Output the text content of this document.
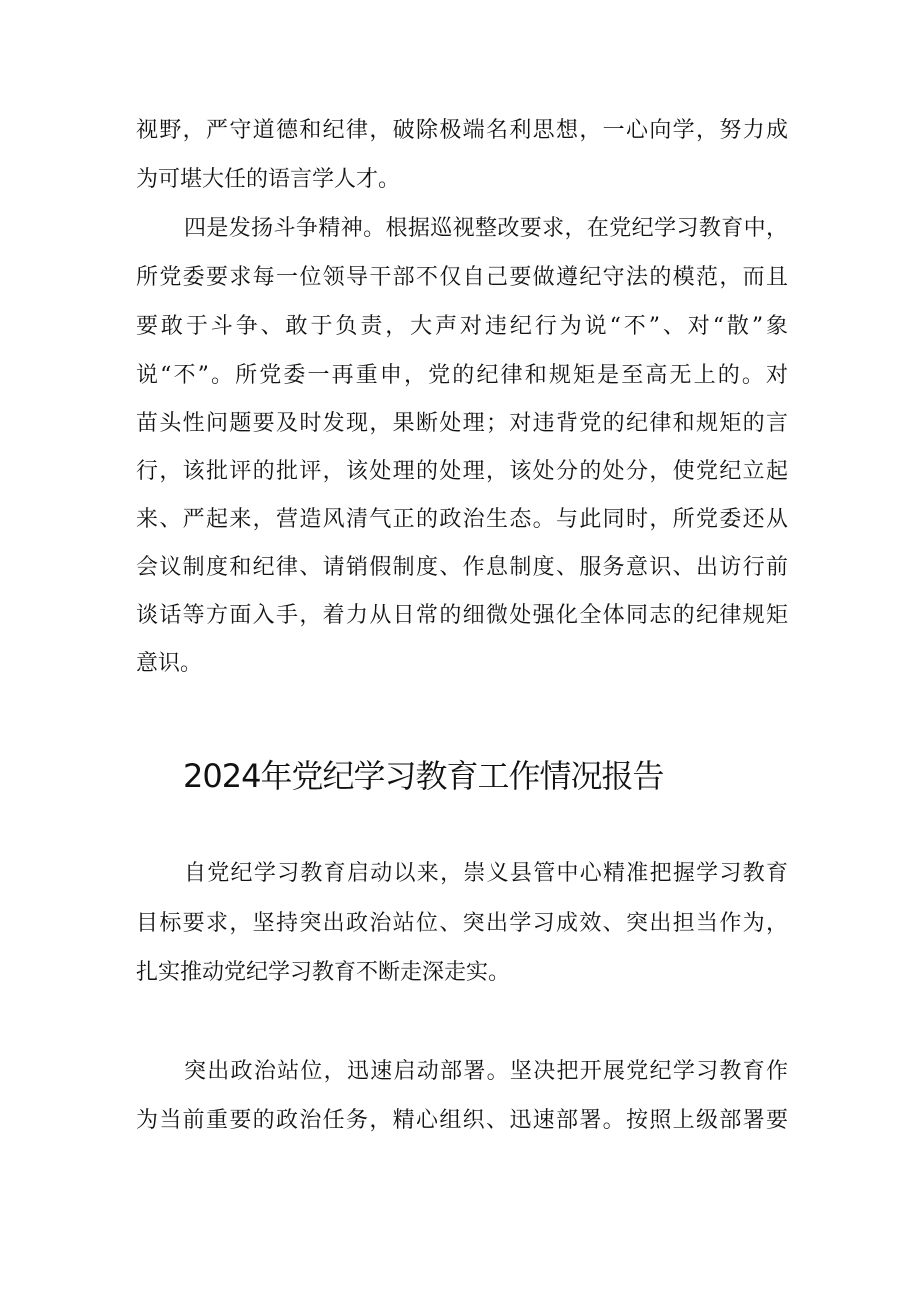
视野，严守道德和纪律，破除极端名利思想，一心向学，努力成
为可堪大任的语言学人才。
四是发扬斗争精神。根据巡视整改要求，在党纪学习教育中，
所党委要求每一位领导干部不仅自己要做遵纪守法的模范，而且
要敢于斗争、敢于负责，大声对违纪行为说“不”、对“散”象
说“不”。所党委一再重申，党的纪律和规矩是至高无上的。对
苗头性问题要及时发现，果断处理；对违背党的纪律和规矩的言
行，该批评的批评，该处理的处理，该处分的处分，使党纪立起
来、严起来，营造风清气正的政治生态。与此同时，所党委还从
会议制度和纪律、请销假制度、作息制度、服务意识、出访行前
谈话等方面入手，着力从日常的细微处强化全体同志的纪律规矩
意识。
2024年党纪学习教育工作情况报告
自党纪学习教育启动以来，崇义县管中心精准把握学习教育
目标要求，坚持突出政治站位、突出学习成效、突出担当作为，
扎实推动党纪学习教育不断走深走实。
突出政治站位，迅速启动部署。坚决把开展党纪学习教育作
为当前重要的政治任务，精心组织、迅速部署。按照上级部署要
